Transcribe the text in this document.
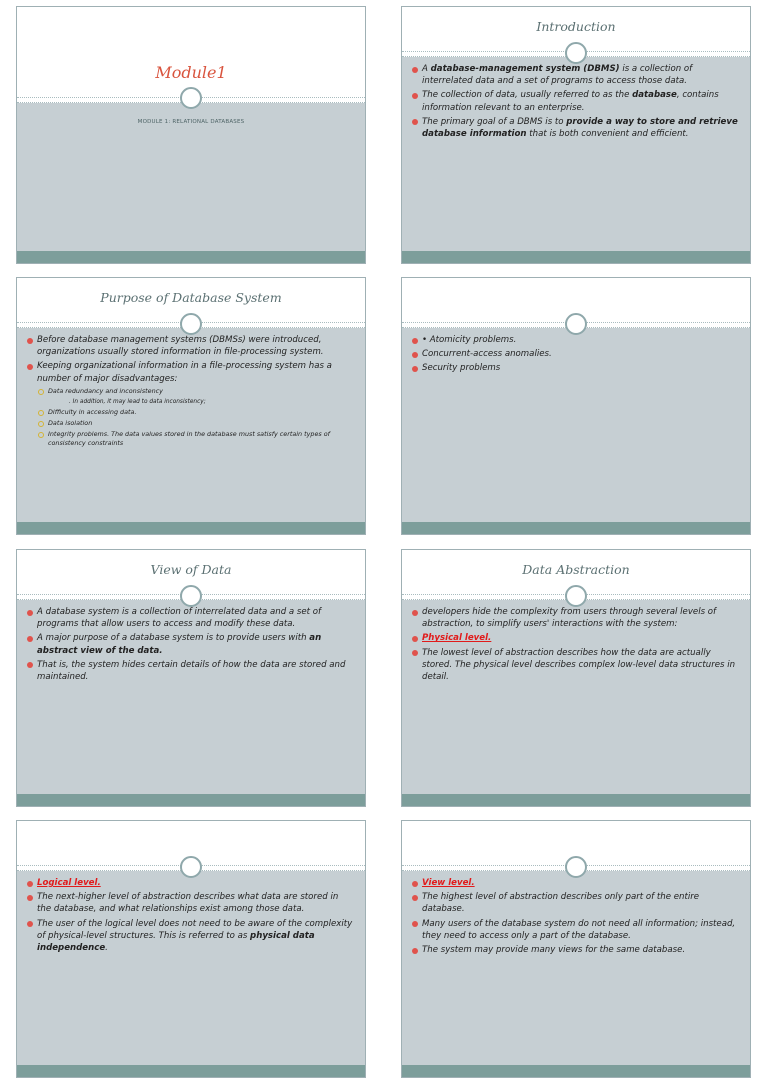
Module1
MODULE 1: RELATIONAL DATABASES
Introduction
A database-management system (DBMS) is a collection of interrelated data and a set of programs to access those data.
The collection of data, usually referred to as the database, contains information relevant to an enterprise.
The primary goal of a DBMS is to provide a way to store and retrieve database information that is both convenient and efficient.
Purpose of Database System
Before database management systems (DBMSs) were introduced, organizations usually stored information in file-processing system.
Keeping organizational information in a file-processing system has a number of major disadvantages:
Data redundancy and inconsistency
. In addition, it may lead to data inconsistency;
Difficulty in accessing data.
Data isolation
Integrity problems. The data values stored in the database must satisfy certain types of consistency constraints
• Atomicity problems.
Concurrent-access anomalies.
Security problems
View of Data
A database system is a collection of interrelated data and a set of programs that allow users to access and modify these data.
A major purpose of a database system is to provide users with an abstract view of the data.
That is, the system hides certain details of how the data are stored and maintained.
Data Abstraction
developers hide the complexity from users through several levels of abstraction, to simplify users' interactions with the system:
Physical level.
The lowest level of abstraction describes how the data are actually stored. The physical level describes complex low-level data structures in detail.
Logical level.
The next-higher level of abstraction describes what data are stored in the database, and what relationships exist among those data.
The user of the logical level does not need to be aware of the complexity of physical-level structures. This is referred to as physical data independence.
View level.
The highest level of abstraction describes only part of the entire database.
Many users of the database system do not need all information; instead, they need to access only a part of the database.
The system may provide many views for the same database.
